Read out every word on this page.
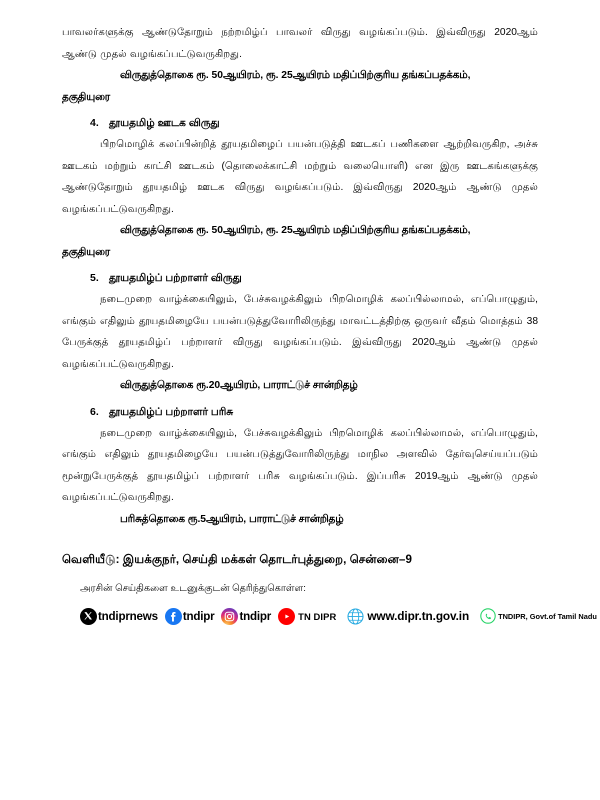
பாவலர்களுக்கு ஆண்டுதோறும் நற்றமிழ்ப் பாவலர் விருது வழங்கப்படும். இவ்விருது 2020ஆம் ஆண்டு முதல் வழங்கப்பட்டுவருகிறது.

விருதுத்தொகை ரூ. 50ஆயிரம், ரூ. 25ஆயிரம் மதிப்பிற்குரிய தங்கப்பதக்கம்,

தகுதியுரை

4. தூயதமிழ் ஊடக விருது

பிறமொழிக் கலப்பின்றித் தூயதமிழைப் பயன்படுத்தி ஊடகப் பணிகளை ஆற்றிவருகிற, அச்சு ஊடகம் மற்றும் காட்சி ஊடகம் (தொலைக்காட்சி மற்றும் வலையொளி) என இரு ஊடகங்களுக்கு ஆண்டுதோறும் தூயதமிழ் ஊடக விருது வழங்கப்படும். இவ்விருது 2020ஆம் ஆண்டு முதல் வழங்கப்பட்டுவருகிறது.

விருதுத்தொகை ரூ. 50ஆயிரம், ரூ. 25ஆயிரம் மதிப்பிற்குரிய தங்கப்பதக்கம்,

தகுதியுரை

5. தூயதமிழ்ப் பற்றாளர் விருது

நடைமுறை வாழ்க்கையிலும், பேச்சுவழக்கிலும் பிறமொழிக் கலப்பில்லாமல், எப்பொழுதும், எங்கும் எதிலும் தூயதமிழையே பயன்படுத்துவோரிலிருந்து மாவட்டத்திற்கு ஒருவர் வீதம் மொத்தம் 38 பேருக்குத் தூயதமிழ்ப் பற்றாளர் விருது வழங்கப்படும். இவ்விருது 2020ஆம் ஆண்டு முதல் வழங்கப்பட்டுவருகிறது.

விருதுத்தொகை ரூ.20ஆயிரம், பாராட்டுச் சான்றிதழ்

6. தூயதமிழ்ப் பற்றாளர் பரிசு

நடைமுறை வாழ்க்கையிலும், பேச்சுவழக்கிலும் பிறமொழிக் கலப்பில்லாமல், எப்பொழுதும், எங்கும் எதிலும் தூயதமிழையே பயன்படுத்துவோரிலிருந்து மாநில அளவில் தேர்வுசெய்யப்படும் மூன்றுபேருக்குத் தூயதமிழ்ப் பற்றாளர் பரிசு வழங்கப்படும். இப்பரிசு 2019ஆம் ஆண்டு முதல் வழங்கப்பட்டுவருகிறது.

பரிசுத்தொகை ரூ.5ஆயிரம், பாராட்டுச் சான்றிதழ்

வெளியீடு: இயக்குநர், செய்தி மக்கள் தொடர்புத்துறை, சென்னை–9

அரசின் செய்திகளை உடனுக்குடன் தெரிந்துகொள்ள:

tndiprnews tndipr tndipr	TN DIPR	www.dipr.tn.gov.in	TNDIPR, Govt.of Tamil Nadu
